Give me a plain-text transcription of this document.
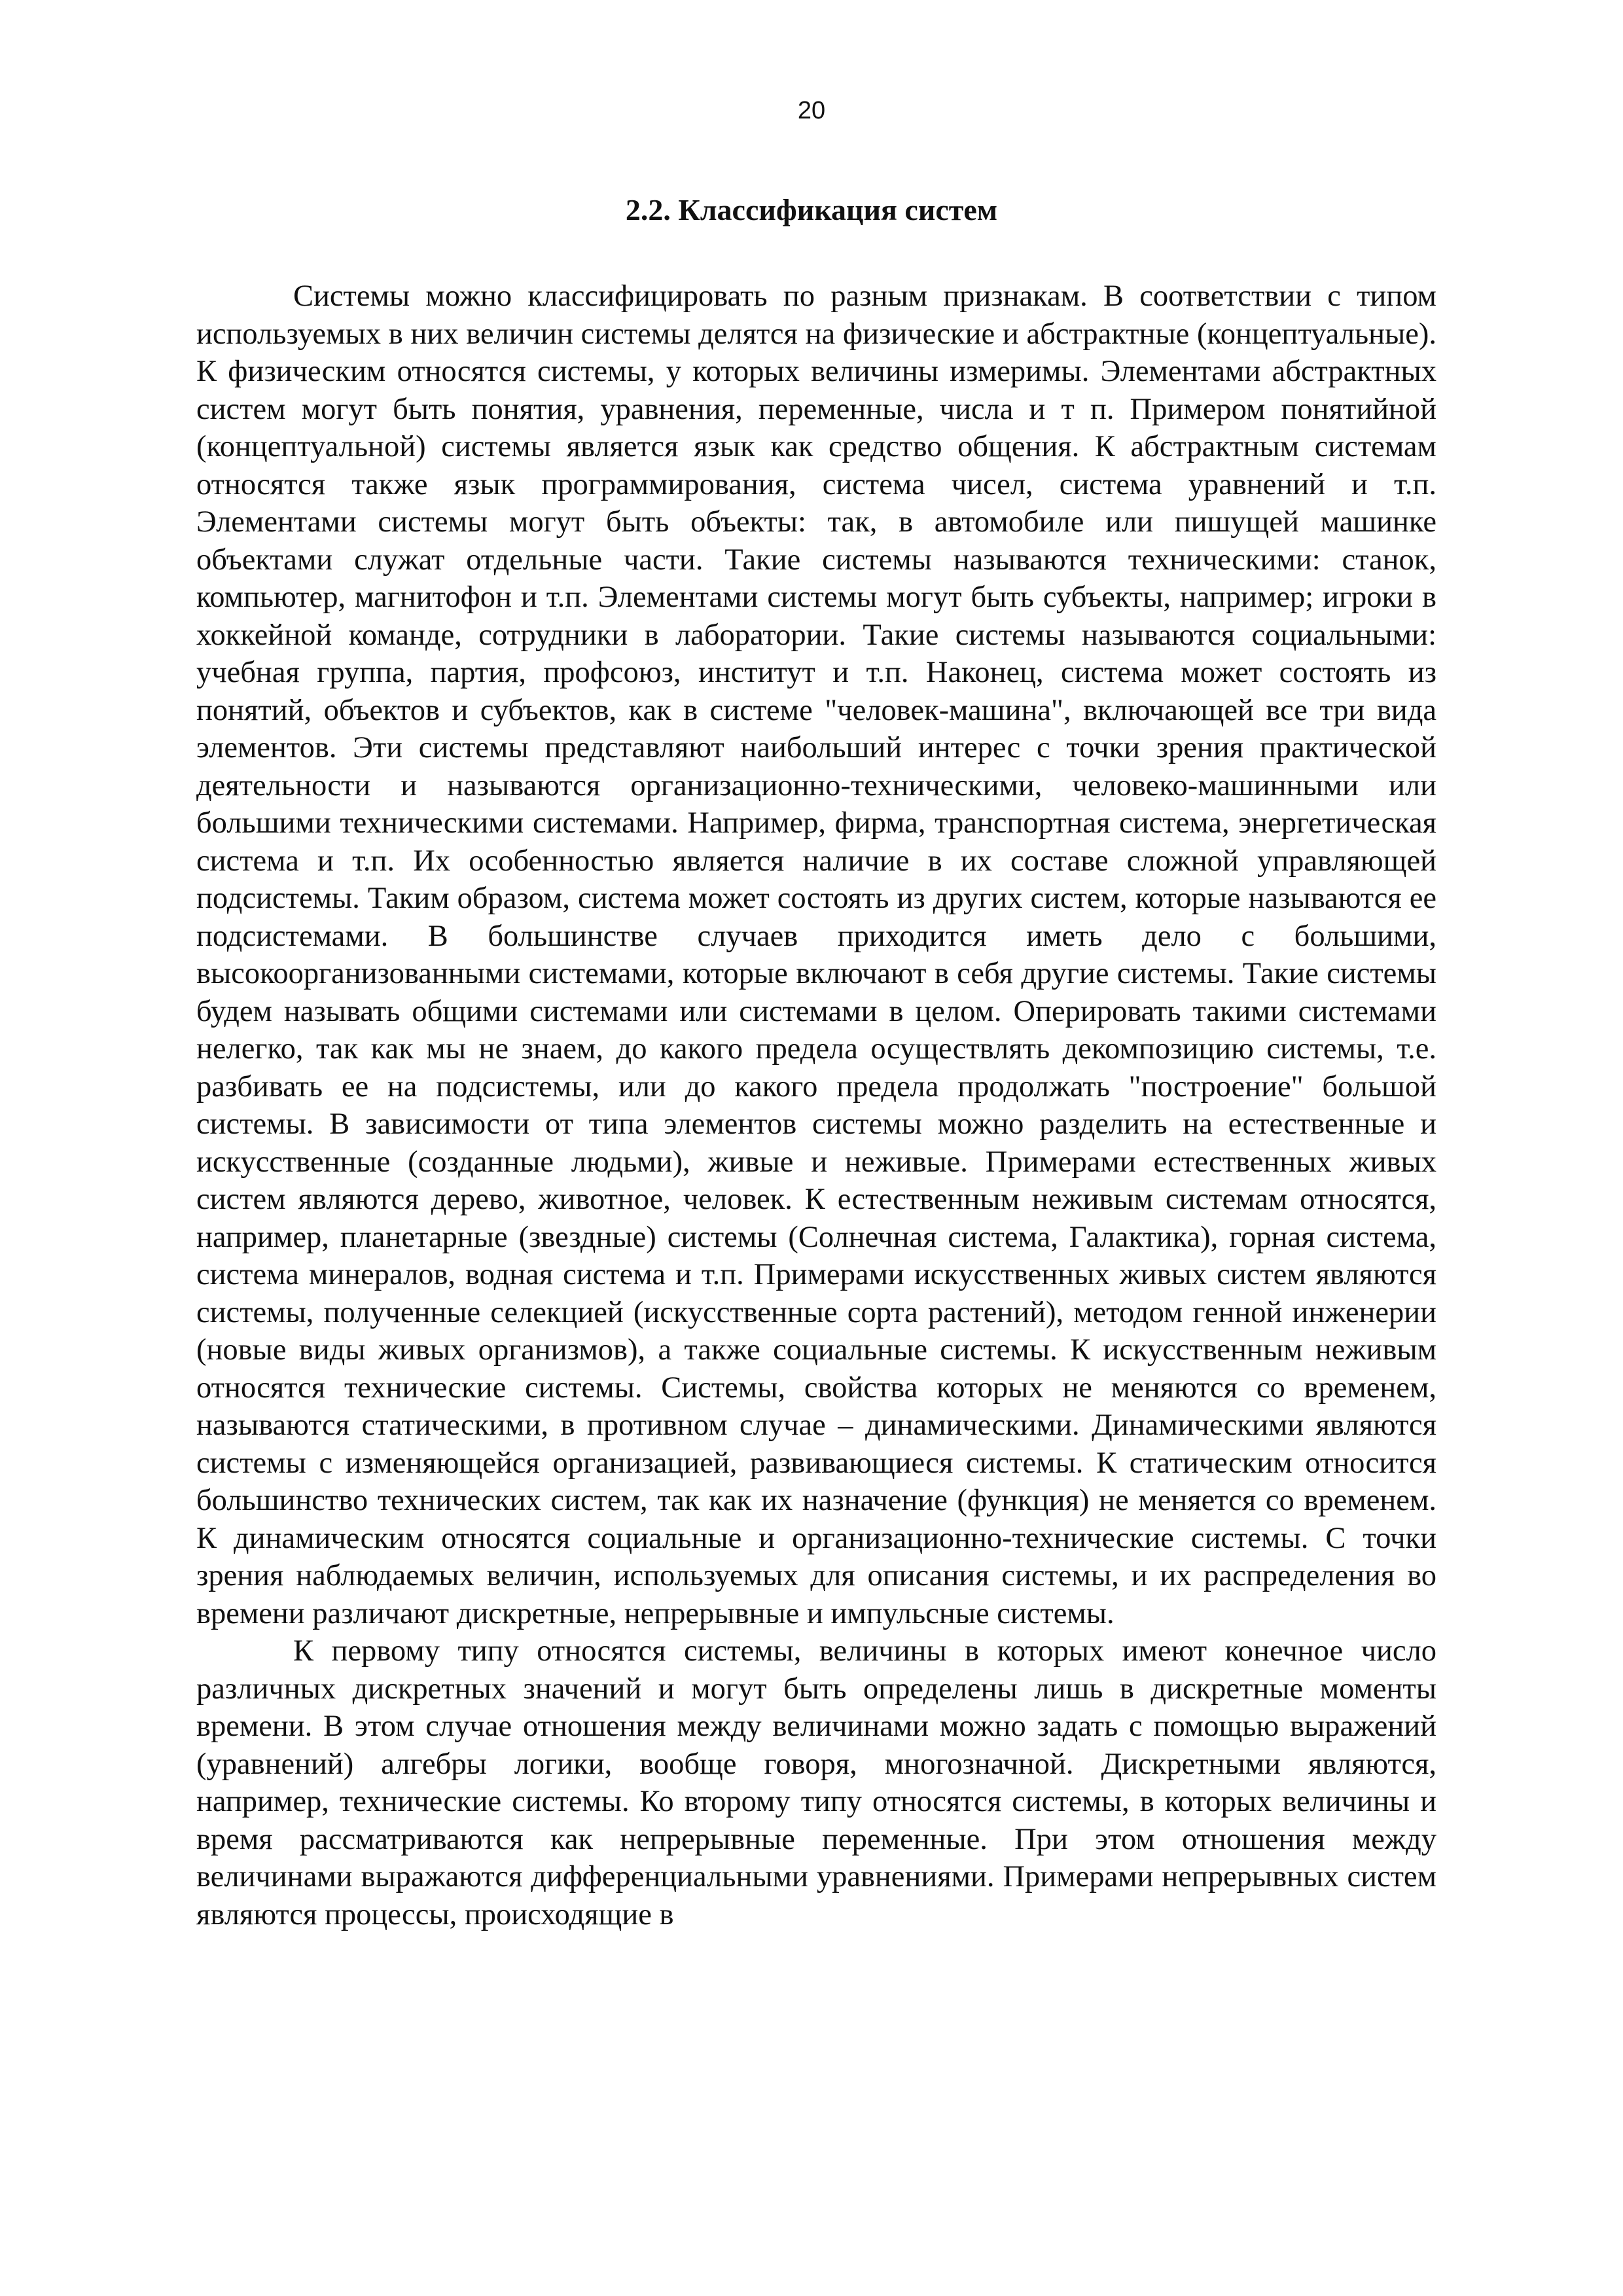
20
2.2. Классификация систем

Системы можно классифицировать по разным признакам. В соответствии с типом используемых в них величин системы делятся на физические и абстрактные (концептуальные). К физическим относятся системы, у которых величины измеримы. Элементами абстрактных систем могут быть понятия, уравнения, переменные, числа и т п. Примером понятийной (концептуальной) системы является язык как средство общения. К абстрактным системам относятся также язык программирования, система чисел, система уравнений и т.п. Элементами системы могут быть объекты: так, в автомобиле или пишущей машинке объектами служат отдельные части. Такие системы называются техническими: станок, компьютер, магнитофон и т.п. Элементами системы могут быть субъекты, например; игроки в хоккейной команде, сотрудники в лаборатории. Такие системы называются социальными: учебная группа, партия, профсоюз, институт и т.п. Наконец, система может состоять из понятий, объектов и субъектов, как в системе "человек-машина", включающей все три вида элементов. Эти системы представляют наибольший интерес с точки зрения практической деятельности и называются организационно-техническими, человеко-машинными или большими техническими системами. Например, фирма, транспортная система, энергетическая система и т.п. Их особенностью является наличие в их составе сложной управляющей подсистемы. Таким образом, система может состоять из других систем, которые называются ее подсистемами. В большинстве случаев приходится иметь дело с большими, высокоорганизованными системами, которые включают в себя другие системы. Такие системы будем называть общими системами или системами в целом. Оперировать такими системами нелегко, так как мы не знаем, до какого предела осуществлять декомпозицию системы, т.е. разбивать ее на подсистемы, или до какого предела продолжать "построение" большой системы. В зависимости от типа элементов системы можно разделить на естественные и искусственные (созданные людьми), живые и неживые. Примерами естественных живых систем являются дерево, животное, человек. К естественным неживым системам относятся, например, планетарные (звездные) системы (Солнечная система, Галактика), горная система, система минералов, водная система и т.п. Примерами искусственных живых систем являются системы, полученные селекцией (искусственные сорта растений), методом генной инженерии (новые виды живых организмов), а также социальные системы. К искусственным неживым относятся технические системы. Системы, свойства которых не меняются со временем, называются статическими, в противном случае – динамическими. Динамическими являются системы с изменяющейся организацией, развивающиеся системы. К статическим относится большинство технических систем, так как их назначение (функция) не меняется со временем. К динамическим относятся социальные и организационно-технические системы. С точки зрения наблюдаемых величин, используемых для описания системы, и их распределения во времени различают дискретные, непрерывные и импульсные системы.

К первому типу относятся системы, величины в которых имеют конечное число различных дискретных значений и могут быть определены лишь в дискретные моменты времени. В этом случае отношения между величинами можно задать с помощью выражений (уравнений) алгебры логики, вообще говоря, многозначной. Дискретными являются, например, технические системы. Ко второму типу относятся системы, в которых величины и время рассматриваются как непрерывные переменные. При этом отношения между величинами выражаются дифференциальными уравнениями. Примерами непрерывных систем являются процессы, происходящие в
